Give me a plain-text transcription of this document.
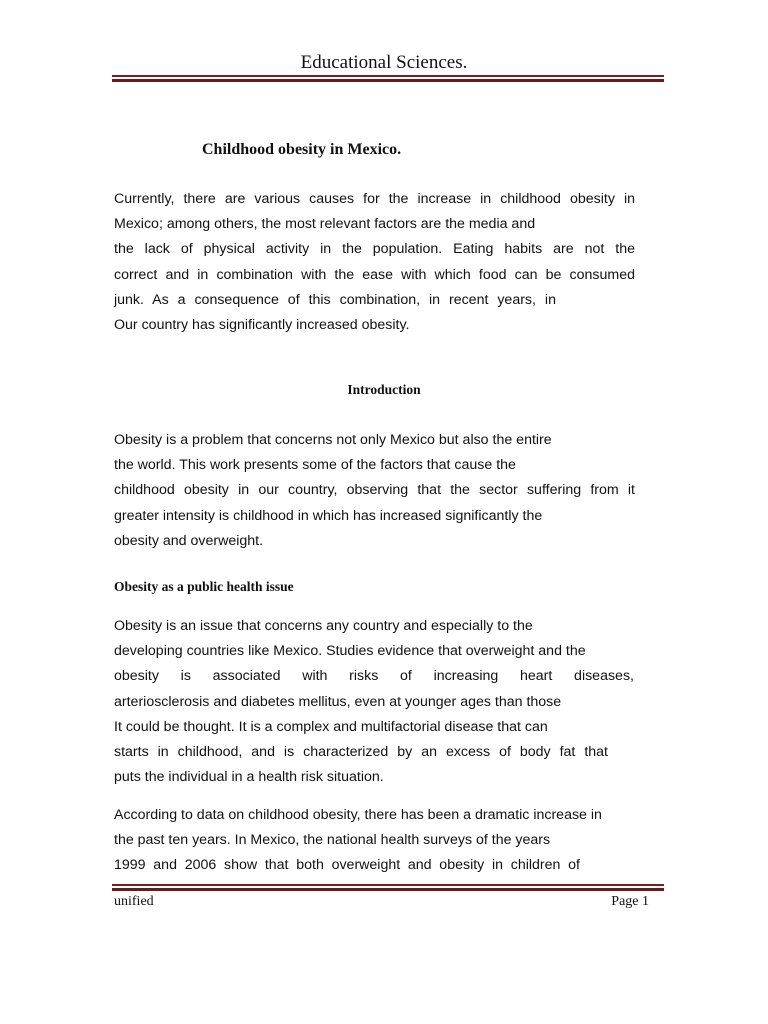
Educational Sciences.
Childhood obesity in Mexico.
Currently, there are various causes for the increase in childhood obesity in
Mexico; among others, the most relevant factors are the media and
the lack of physical activity in the population. Eating habits are not the
correct and in combination with the ease with which food can be consumed
junk. As a consequence of this combination, in recent years, in
Our country has significantly increased obesity.
Introduction
Obesity is a problem that concerns not only Mexico but also the entire
the world. This work presents some of the factors that cause the
childhood obesity in our country, observing that the sector suffering from it
greater intensity is childhood in which has increased significantly the
obesity and overweight.
Obesity as a public health issue
Obesity is an issue that concerns any country and especially to the
developing countries like Mexico. Studies evidence that overweight and the
obesity is associated with risks of increasing heart diseases,
arteriosclerosis and diabetes mellitus, even at younger ages than those
It could be thought. It is a complex and multifactorial disease that can
starts in childhood, and is characterized by an excess of body fat that
puts the individual in a health risk situation.
According to data on childhood obesity, there has been a dramatic increase in
the past ten years. In Mexico, the national health surveys of the years
1999 and 2006 show that both overweight and obesity in children of
unified	Page 1
